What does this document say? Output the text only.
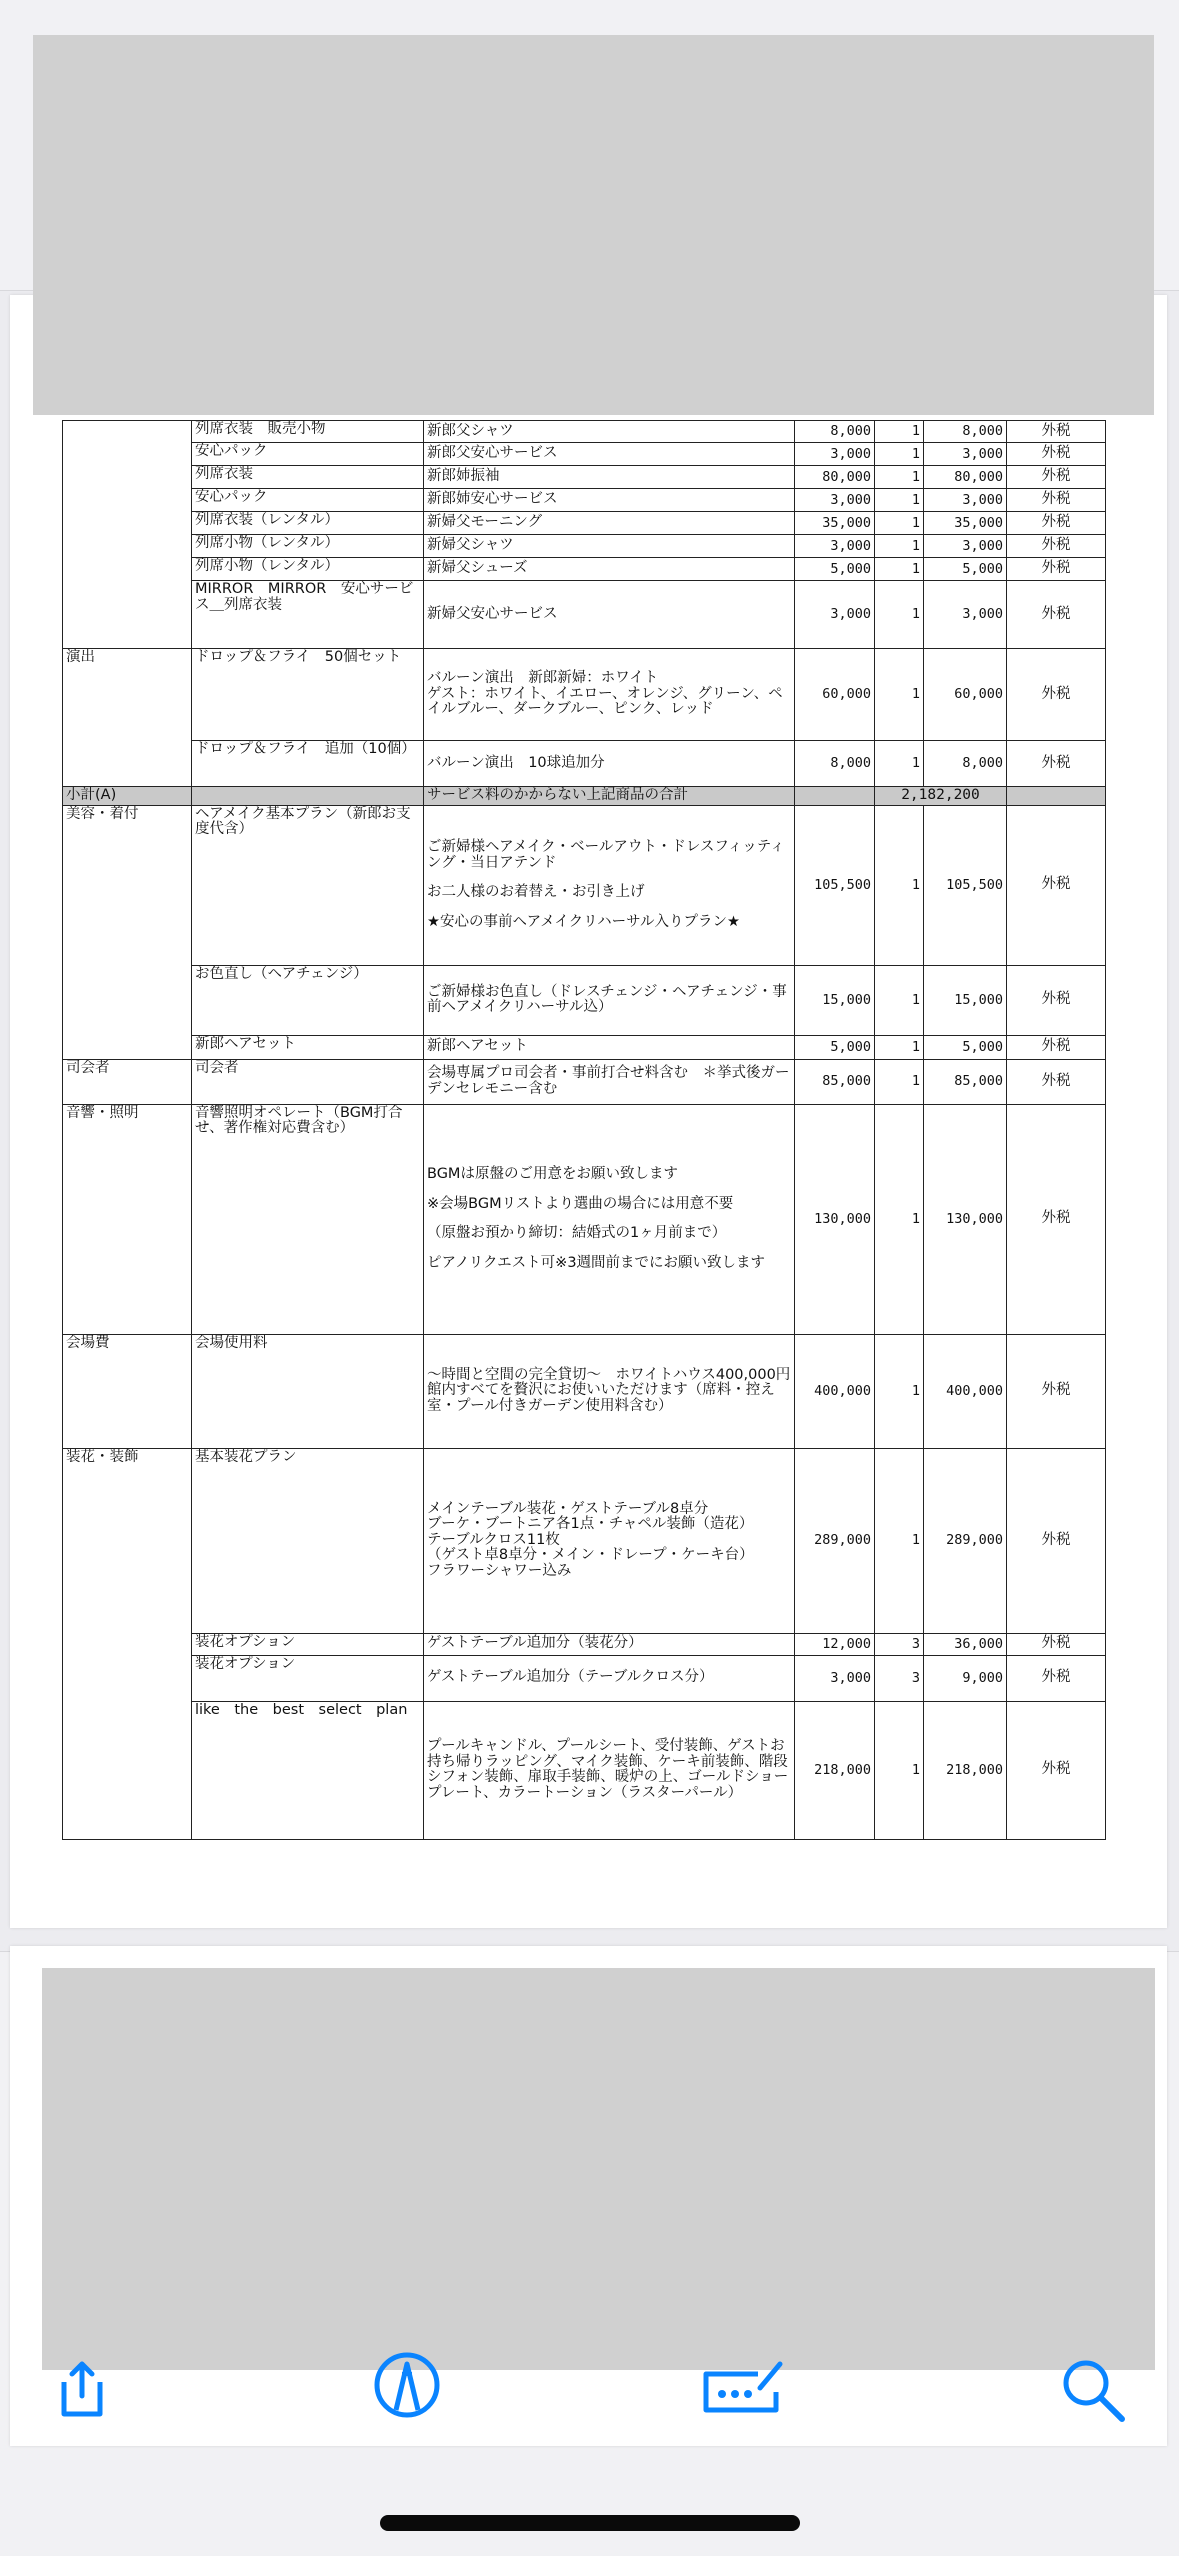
	列席衣装　販売小物	新郎父シャツ	8,000	1	8,000	外税
	安心パック	新郎父安心サービス	3,000	1	3,000	外税
	列席衣装	新郎姉振袖	80,000	1	80,000	外税
	安心パック	新郎姉安心サービス	3,000	1	3,000	外税
	列席衣装（レンタル）	新婦父モーニング	35,000	1	35,000	外税
	列席小物（レンタル）	新婦父シャツ	3,000	1	3,000	外税
	列席小物（レンタル）	新婦父シューズ	5,000	1	5,000	外税
	MIRROR　MIRROR　安心サービス＿列席衣装	新婦父安心サービス	3,000	1	3,000	外税
演出	ドロップ＆フライ　50個セット	バルーン演出　新郎新婦：ホワイト
ゲスト：ホワイト、イエロー、オレンジ、グリーン、ペイルブルー、ダークブルー、ピンク、レッド	60,000	1	60,000	外税
	ドロップ＆フライ　追加（10個）	バルーン演出　10球追加分	8,000	1	8,000	外税
小計(A)		サービス料のかからない上記商品の合計		2,182,200		
美容・着付	ヘアメイク基本プラン（新郎お支度代含）	ご新婦様ヘアメイク・ベールアウト・ドレスフィッティング・当日アテンド
お二人様のお着替え・お引き上げ
★安心の事前ヘアメイクリハーサル入りプラン★	105,500	1	105,500	外税
	お色直し（ヘアチェンジ）	ご新婦様お色直し（ドレスチェンジ・ヘアチェンジ・事前ヘアメイクリハーサル込）	15,000	1	15,000	外税
	新郎ヘアセット	新郎ヘアセット	5,000	1	5,000	外税
司会者	司会者	会場専属プロ司会者・事前打合せ料含む　＊挙式後ガーデンセレモニー含む	85,000	1	85,000	外税
音響・照明	音響照明オペレート（BGM打合せ、著作権対応費含む）	BGMは原盤のご用意をお願い致します
※会場BGMリストより選曲の場合には用意不要
（原盤お預かり締切：結婚式の1ヶ月前まで）
ピアノリクエスト可※3週間前までにお願い致します	130,000	1	130,000	外税
会場費	会場使用料	～時間と空間の完全貸切～　ホワイトハウス400,000円
館内すべてを贅沢にお使いいただけます（席料・控え室・プール付きガーデン使用料含む）	400,000	1	400,000	外税
装花・装飾	基本装花プラン	メインテーブル装花・ゲストテーブル8卓分
ブーケ・ブートニア各1点・チャペル装飾（造花）
テーブルクロス11枚
（ゲスト卓8卓分・メイン・ドレープ・ケーキ台）
フラワーシャワー込み	289,000	1	289,000	外税
	装花オプション	ゲストテーブル追加分（装花分）	12,000	3	36,000	外税
	装花オプション	ゲストテーブル追加分（テーブルクロス分）	3,000	3	9,000	外税
	like　the　best　select　plan	プールキャンドル、プールシート、受付装飾、ゲストお持ち帰りラッピング、マイク装飾、ケーキ前装飾、階段シフォン装飾、扉取手装飾、暖炉の上、ゴールドショープレート、カラートーション（ラスターパール）	218,000	1	218,000	外税
